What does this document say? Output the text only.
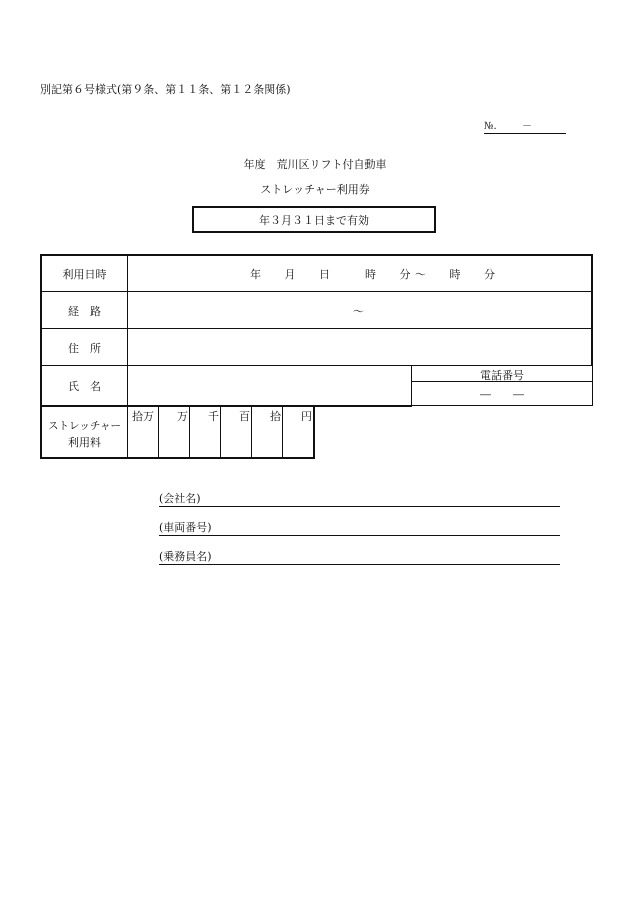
別記第６号様式(第９条、第１１条、第１２条関係)
№.	－
年度　荒川区リフト付自動車
ストレッチャー利用券
年３月３１日まで有効
利用日時	年　　月　　日　　　時　　分 〜　　時　　分
経　路	〜
住　所
氏　名
電話番号
―　　―
ストレッチャー
利用料
拾万	万	千	百	拾	円
(会社名)
(車両番号)
(乗務員名)
